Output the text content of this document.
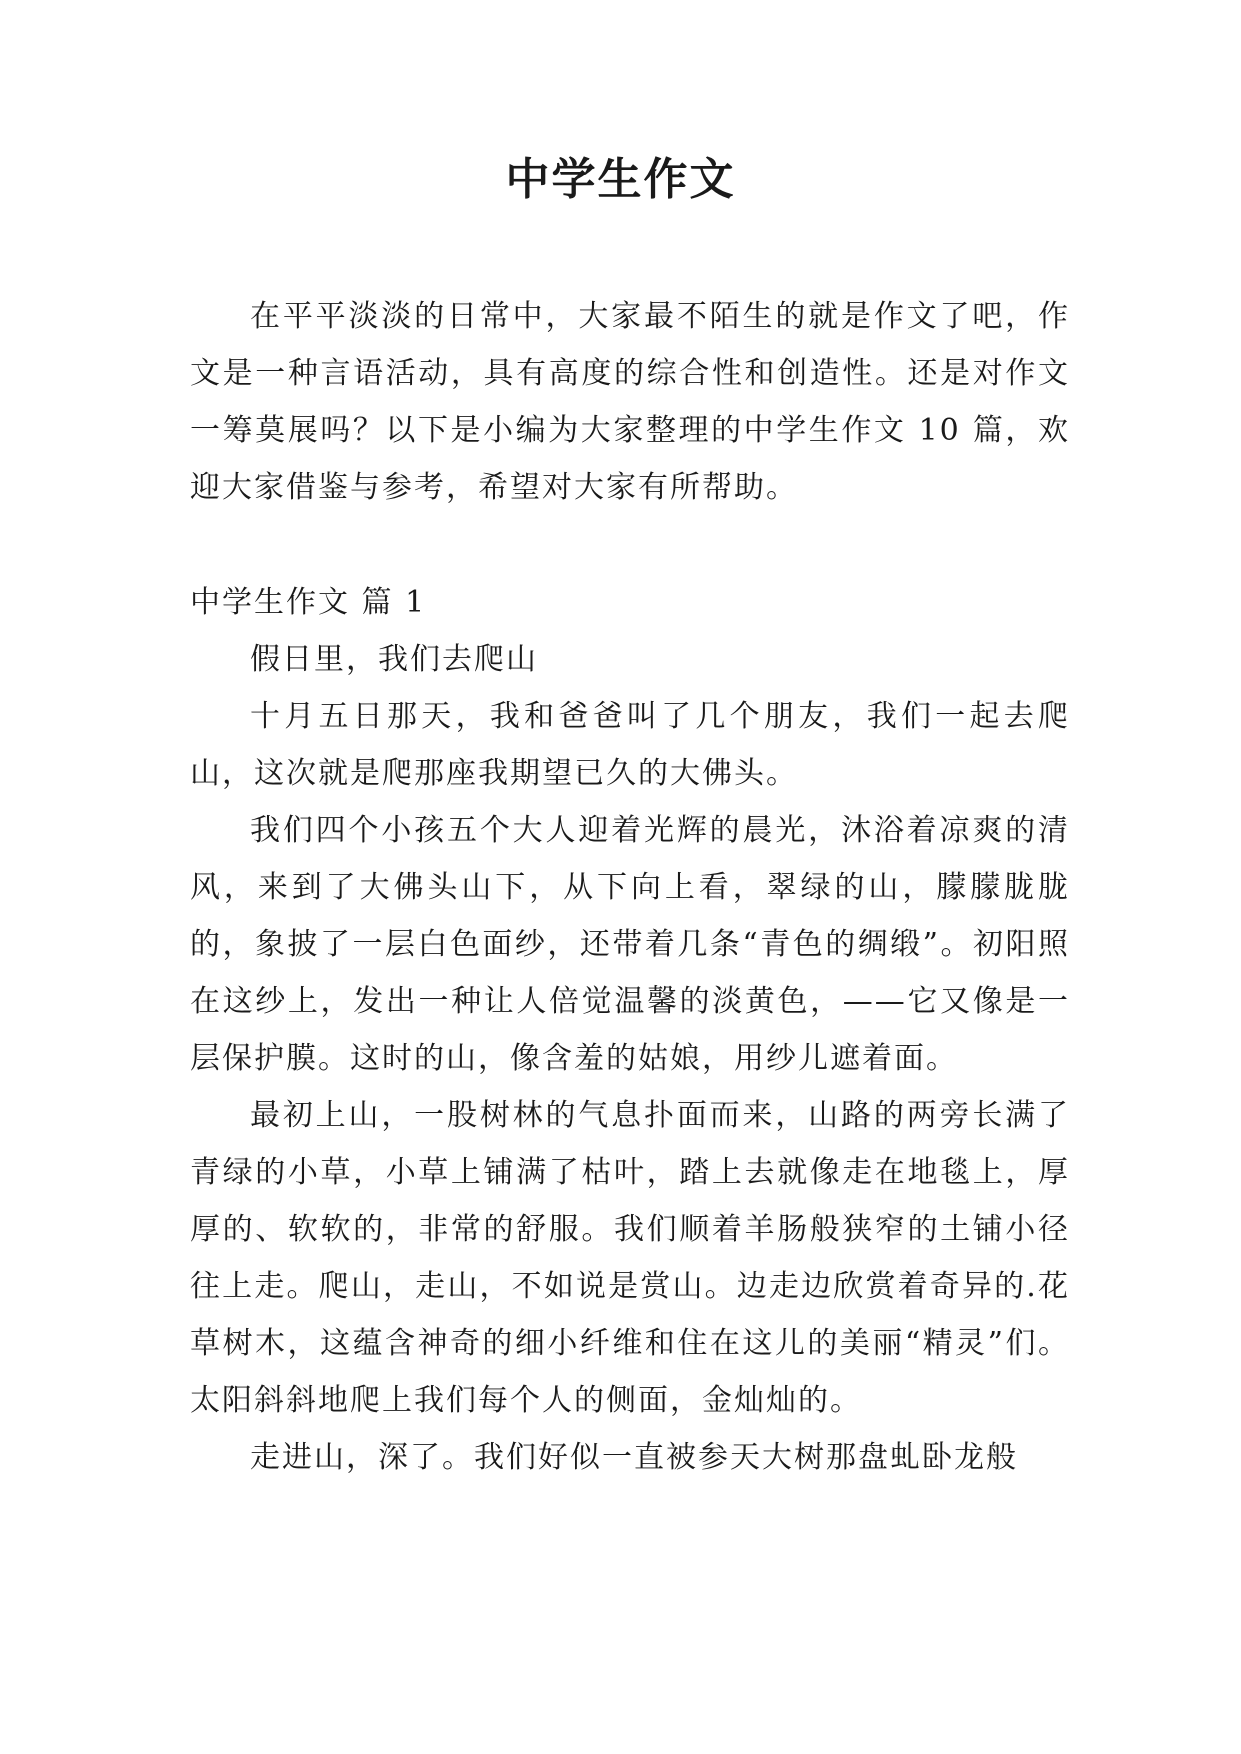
中学生作文

在平平淡淡的日常中，大家最不陌生的就是作文了吧，作文是一种言语活动，具有高度的综合性和创造性。还是对作文一筹莫展吗？以下是小编为大家整理的中学生作文 10 篇，欢迎大家借鉴与参考，希望对大家有所帮助。

中学生作文 篇 1

假日里，我们去爬山

十月五日那天，我和爸爸叫了几个朋友，我们一起去爬山，这次就是爬那座我期望已久的大佛头。

我们四个小孩五个大人迎着光辉的晨光，沐浴着凉爽的清风，来到了大佛头山下，从下向上看，翠绿的山，朦朦胧胧的，象披了一层白色面纱，还带着几条“青色的绸缎”。初阳照在这纱上，发出一种让人倍觉温馨的淡黄色，——它又像是一层保护膜。这时的山，像含羞的姑娘，用纱儿遮着面。

最初上山，一股树林的气息扑面而来，山路的两旁长满了青绿的小草，小草上铺满了枯叶，踏上去就像走在地毯上，厚厚的、软软的，非常的舒服。我们顺着羊肠般狭窄的土铺小径往上走。爬山，走山，不如说是赏山。边走边欣赏着奇异的.花草树木，这蕴含神奇的细小纤维和住在这儿的美丽“精灵”们。太阳斜斜地爬上我们每个人的侧面，金灿灿的。

走进山，深了。我们好似一直被参天大树那盘虬卧龙般
